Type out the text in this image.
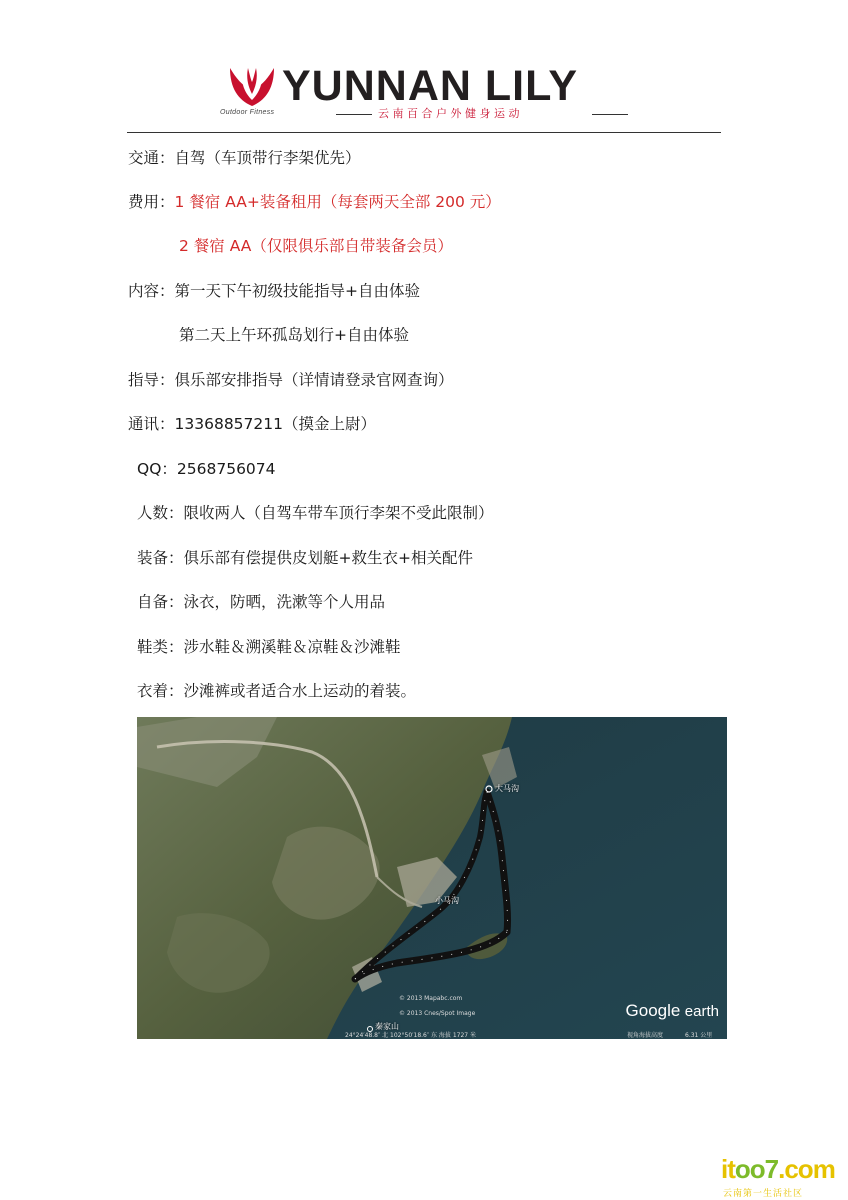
Outdoor Fitness
YUNNAN LILY
云南百合户外健身运动
交通：自驾（车顶带行李架优先）
费用：1 餐宿 AA+装备租用（每套两天全部 200 元）
2 餐宿 AA（仅限俱乐部自带装备会员）
内容：第一天下午初级技能指导+自由体验
第二天上午环孤岛划行+自由体验
指导：俱乐部安排指导（详情请登录官网查询）
通讯：13368857211（摸金上尉）
QQ：2568756074
人数：限收两人（自驾车带车顶行李架不受此限制）
装备：俱乐部有偿提供皮划艇+救生衣+相关配件
自备：泳衣，防晒，洗漱等个人用品
鞋类：涉水鞋＆溯溪鞋＆凉鞋＆沙滩鞋
衣着：沙滩裤或者适合水上运动的着装。
大马沟
小马沟
秦家山
© 2013 Mapabc.com
© 2013 Cnes/Spot Image
24°24′48.8″ 北 102°50′18.6″ 东 海拔 1727 米	视角海拔高度	6.31 公里
Google earth
itoo7.com
云南第一生活社区
